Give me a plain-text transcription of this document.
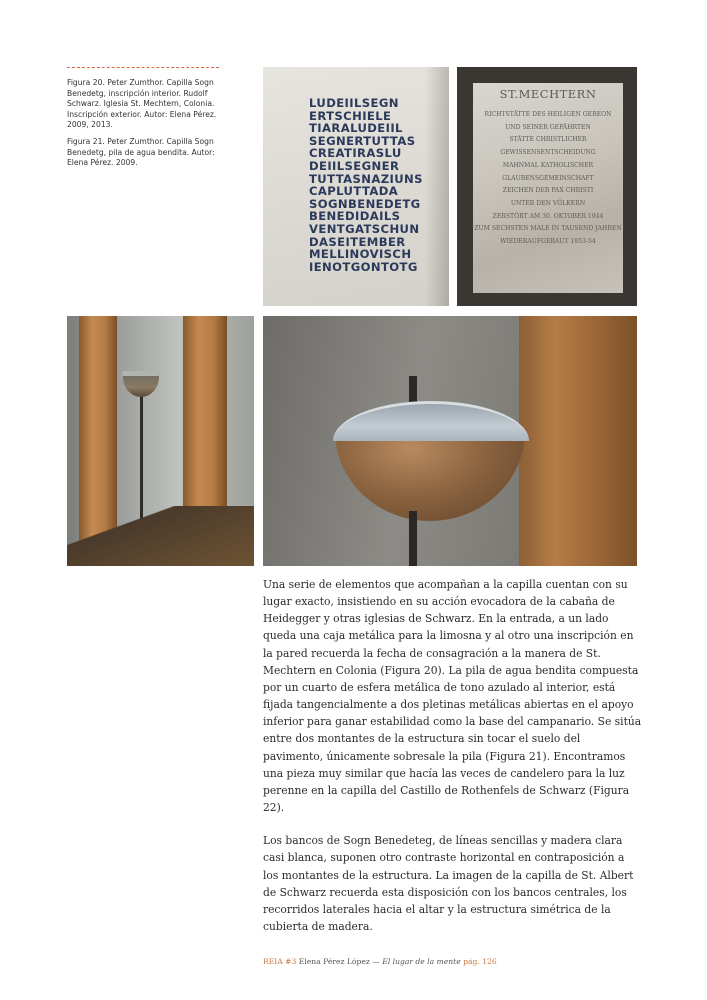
Figura 20. Peter Zumthor. Capilla Sogn Benedetg, inscripción interior. Rudolf Schwarz. Iglesia St. Mechtern, Colonia. Inscripción exterior. Autor: Elena Pérez. 2009, 2013.

Figura 21. Peter Zumthor. Capilla Sogn Benedetg, pila de agua bendita. Autor: Elena Pérez. 2009.

LUDEIILSEGN
ERTSCHIELE
TIARALUDEIIL
SEGNERTUTTAS
CREATIRASLU
DEIILSEGNER
TUTTASNAZIUNS
CAPLUTTADA
SOGNBENEDETG
BENEDIDAILS
VENTGATSCHUN
DASEITEMBER
MELLINOVISCH
IENOTGONTOTG
ST.MECHTERN
RICHTSTÄTTE DES HEILIGEN GEREON
UND SEINER GEFÄHRTEN
STÄTTE CHRISTLICHER
GEWISSENSENTSCHEIDUNG
MAHNMAL KATHOLISCHER
GLAUBENSGEMEINSCHAFT
ZEICHEN DER PAX CHRISTI
UNTER DEN VÖLKERN
ZERSTÖRT AM 30. OKTOBER 1944
ZUM SECHSTEN MALE IN TAUSEND JAHREN
WIEDERAUFGEBAUT 1953-54

Una serie de elementos que acompañan a la capilla cuentan con su lugar exacto, insistiendo en su acción evocadora de la cabaña de Heidegger y otras iglesias de Schwarz. En la entrada, a un lado queda una caja metálica para la limosna y al otro una inscripción en la pared recuerda la fecha de consagración a la manera de St. Mechtern en Colonia (Figura 20). La pila de agua bendita compuesta por un cuarto de esfera metálica de tono azulado al interior, está fijada tangencialmente a dos pletinas metálicas abiertas en el apoyo inferior para ganar estabilidad como la base del campanario. Se sitúa entre dos montantes de la estructura sin tocar el suelo del pavimento, únicamente sobresale la pila (Figura 21). Encontramos una pieza muy similar que hacía las veces de candelero para la luz perenne en la capilla del Castillo de Rothenfels de Schwarz (Figura 22).

Los bancos de Sogn Benedeteg, de líneas sencillas y madera clara casi blanca, suponen otro contraste horizontal en contraposición a los montantes de la estructura. La imagen de la capilla de St. Albert de Schwarz recuerda esta disposición con los bancos centrales, los recorridos laterales hacia el altar y la estructura simétrica de la cubierta de madera.

REIA #3 Elena Pérez López — El lugar de la mente pág. 126
